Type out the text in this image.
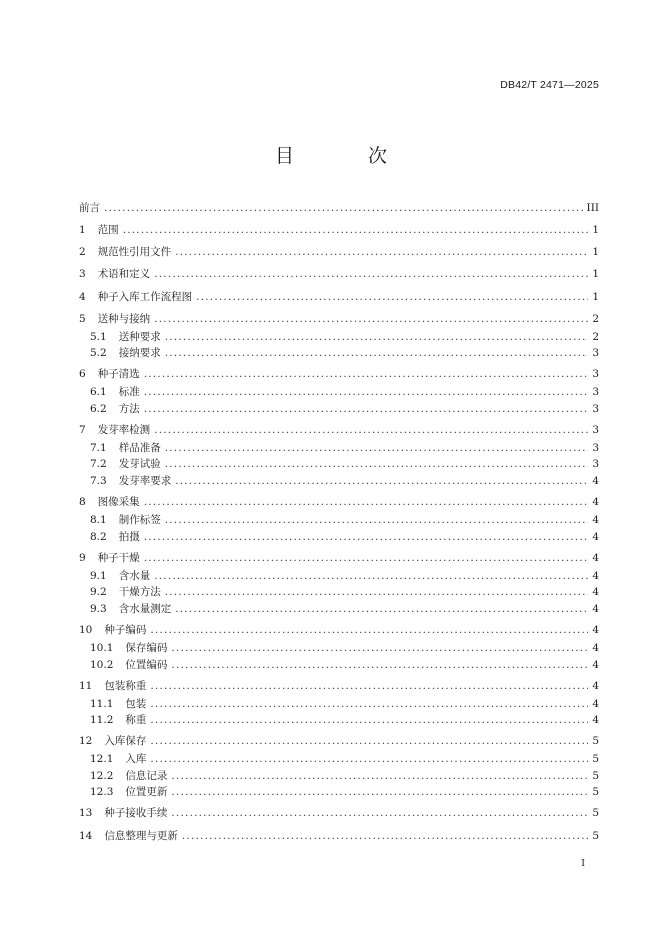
DB42/T 2471—2025
目 次
前言 .....	III
1 范围 .....	1
2 规范性引用文件 .....	1
3 术语和定义 .....	1
4 种子入库工作流程图 .....	1
5 送种与接纳 .....	2
5.1 送种要求 .....	2
5.2 接纳要求 .....	3
6 种子清选 .....	3
6.1 标准 .....	3
6.2 方法 .....	3
7 发芽率检测 .....	3
7.1 样品准备 .....	3
7.2 发芽试验 .....	3
7.3 发芽率要求 .....	4
8 图像采集 .....	4
8.1 制作标签 .....	4
8.2 拍摄 .....	4
9 种子干燥 .....	4
9.1 含水量 .....	4
9.2 干燥方法 .....	4
9.3 含水量测定 .....	4
10 种子编码 .....	4
10.1 保存编码 .....	4
10.2 位置编码 .....	4
11 包装称重 .....	4
11.1 包装 .....	4
11.2 称重 .....	4
12 入库保存 .....	5
12.1 入库 .....	5
12.2 信息记录 .....	5
12.3 位置更新 .....	5
13 种子接收手续 .....	5
14 信息整理与更新 .....	5
I
